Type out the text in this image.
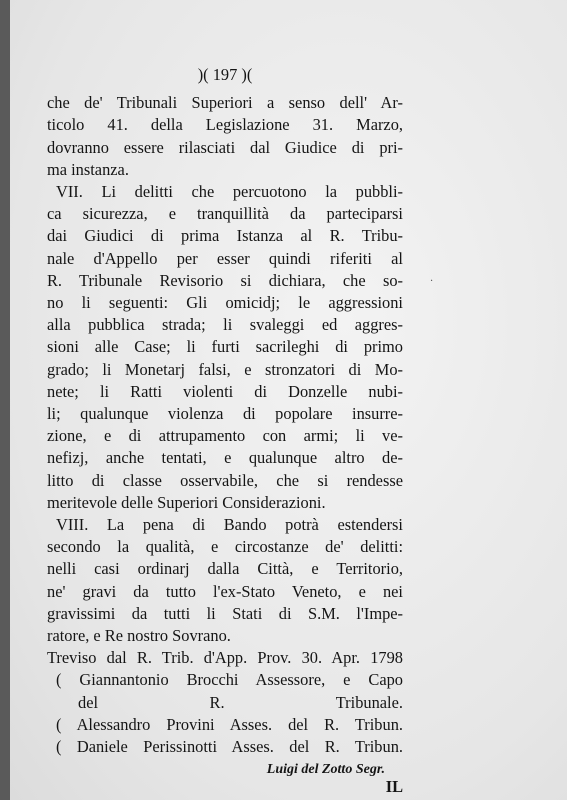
)( 197 )(
che de' Tribunali Superiori a senso dell' Ar-
ticolo 41. della Legislazione 31. Marzo,
dovranno essere rilasciati dal Giudice di pri-
ma instanza.
VII. Li delitti che percuotono la pubbli-
ca sicurezza, e tranquillità da parteciparsi
dai Giudici di prima Istanza al R. Tribu-
nale d'Appello per esser quindi riferiti al
R. Tribunale Revisorio si dichiara, che so-
no li seguenti: Gli omicidj; le aggressioni
alla pubblica strada; li svaleggi ed aggres-
sioni alle Case; li furti sacrileghi di primo
grado; li Monetarj falsi, e stronzatori di Mo-
nete; li Ratti violenti di Donzelle nubi-
li; qualunque violenza di popolare insurre-
zione, e di attrupamento con armi; li ve-
nefizj, anche tentati, e qualunque altro de-
litto di classe osservabile, che si rendesse
meritevole delle Superiori Considerazioni.
VIII. La pena di Bando potrà estendersi
secondo la qualità, e circostanze de' delitti:
nelli casi ordinarj dalla Città, e Territorio,
ne' gravi da tutto l'ex-Stato Veneto, e nei
gravissimi da tutti li Stati di S.M. l'Impe-
ratore, e Re nostro Sovrano.
Treviso dal R. Trib. d'App. Prov. 30. Apr. 1798
( Giannantonio Brocchi Assessore, e Capo
del R. Tribunale.
( Alessandro Provini Asses. del R. Tribun.
( Daniele Perissinotti Asses. del R. Tribun.
Luigi del Zotto Segr.
IL
·
